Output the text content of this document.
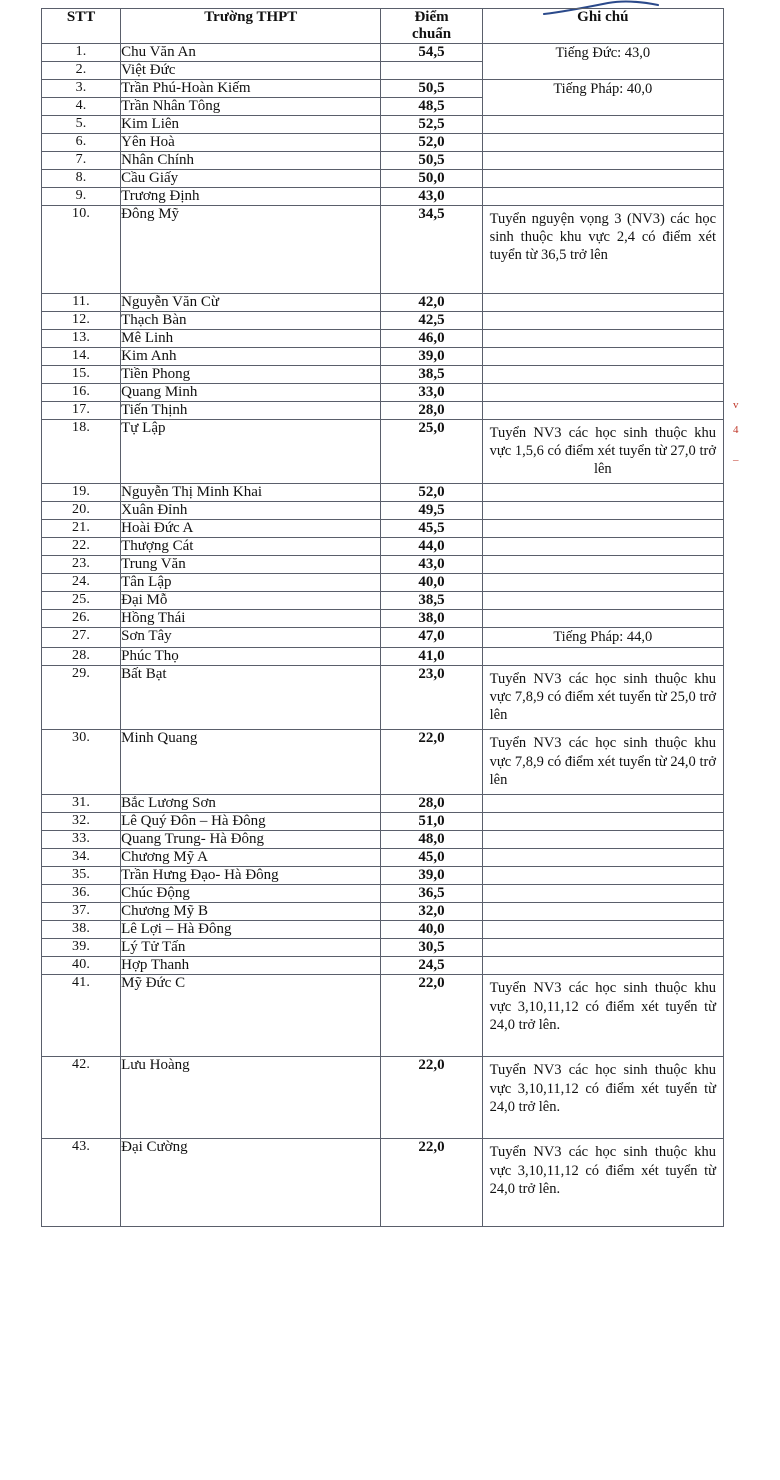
v
4
–
STT	Trường THPT	Điểm
chuẩn	Ghi chú
1.	Chu Văn An	54,5	Tiếng Đức: 43,0
2.	Việt Đức		
3.	Trần Phú-Hoàn Kiếm	50,5	Tiếng Pháp: 40,0
4.	Trần Nhân Tông	48,5	
5.	Kim Liên	52,5	
6.	Yên Hoà	52,0	
7.	Nhân Chính	50,5	
8.	Cầu Giấy	50,0	
9.	Trương Định	43,0	
10.	Đông Mỹ	34,5	Tuyển nguyện vọng 3 (NV3) các học sinh thuộc khu vực 2,4 có điểm xét tuyển từ 36,5 trở lên
11.	Nguyễn Văn Cừ	42,0	
12.	Thạch Bàn	42,5	
13.	Mê Linh	46,0	
14.	Kim Anh	39,0	
15.	Tiền Phong	38,5	
16.	Quang Minh	33,0	
17.	Tiến Thịnh	28,0	
18.	Tự Lập	25,0	Tuyển NV3 các học sinh thuộc khu vực 1,5,6 có điểm xét tuyển từ 27,0 trở lên
19.	Nguyễn Thị Minh Khai	52,0	
20.	Xuân Đỉnh	49,5	
21.	Hoài Đức A	45,5	
22.	Thượng Cát	44,0	
23.	Trung Văn	43,0	
24.	Tân Lập	40,0	
25.	Đại Mỗ	38,5	
26.	Hồng Thái	38,0	
27.	Sơn Tây	47,0	Tiếng Pháp: 44,0
28.	Phúc Thọ	41,0	
29.	Bất Bạt	23,0	Tuyển NV3 các học sinh thuộc khu vực 7,8,9 có điểm xét tuyển từ 25,0 trở lên
30.	Minh Quang	22,0	Tuyển NV3 các học sinh thuộc khu vực 7,8,9 có điểm xét tuyển từ 24,0 trở lên
31.	Bắc Lương Sơn	28,0	
32.	Lê Quý Đôn – Hà Đông	51,0	
33.	Quang Trung- Hà Đông	48,0	
34.	Chương Mỹ A	45,0	
35.	Trần Hưng Đạo- Hà Đông	39,0	
36.	Chúc Động	36,5	
37.	Chương Mỹ B	32,0	
38.	Lê Lợi – Hà Đông	40,0	
39.	Lý Tử Tấn	30,5	
40.	Hợp Thanh	24,5	
41.	Mỹ Đức C	22,0	Tuyển NV3 các học sinh thuộc khu vực 3,10,11,12 có điểm xét tuyển từ 24,0 trở lên.
42.	Lưu Hoàng	22,0	Tuyển NV3 các học sinh thuộc khu vực 3,10,11,12 có điểm xét tuyển từ 24,0 trở lên.
43.	Đại Cường	22,0	Tuyển NV3 các học sinh thuộc khu vực 3,10,11,12 có điểm xét tuyển từ 24,0 trở lên.
